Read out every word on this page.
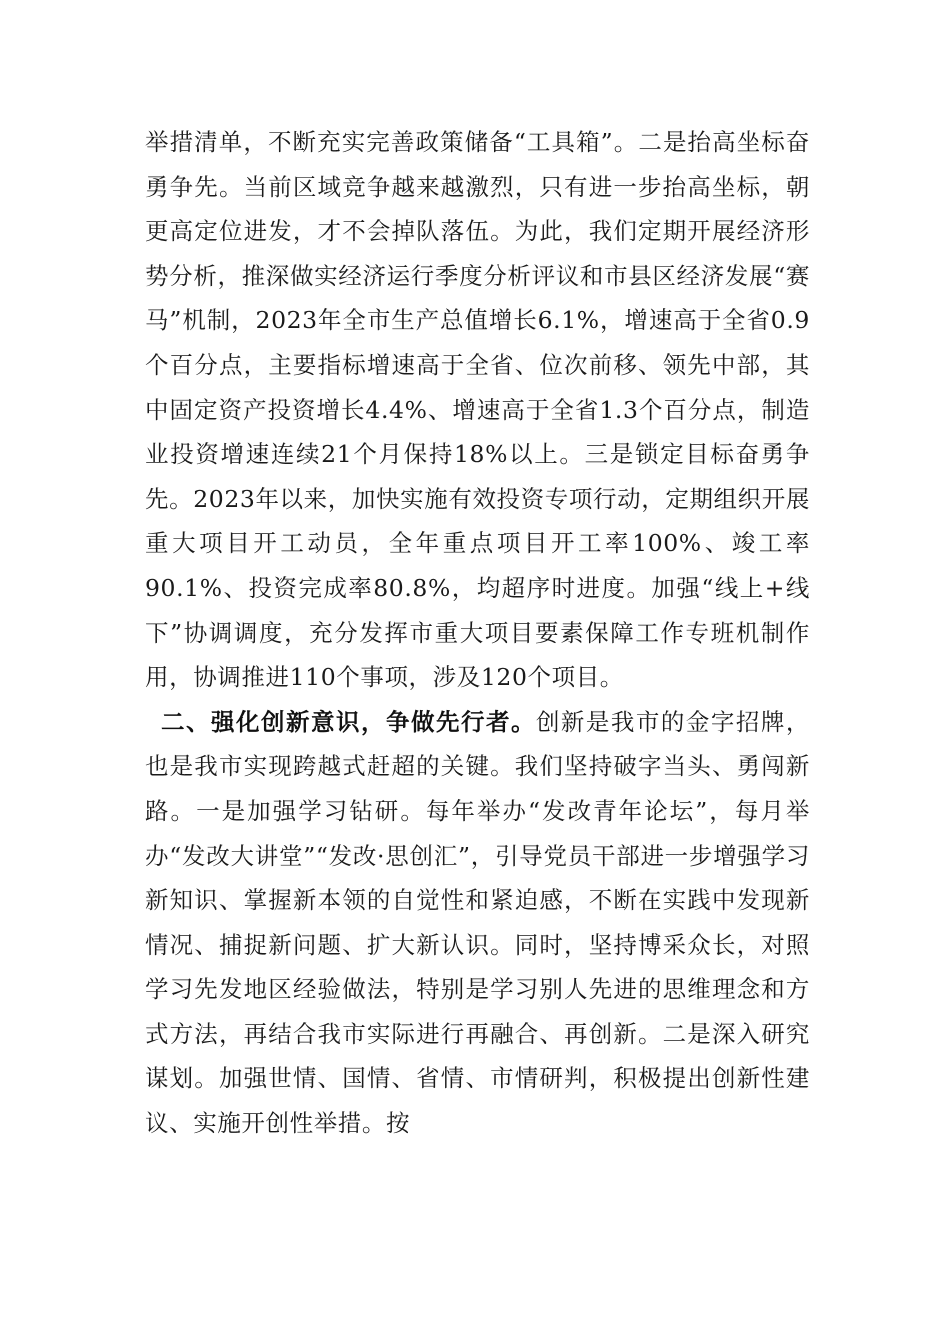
举措清单，不断充实完善政策储备“工具箱”。二是抬高坐标奋勇争先。当前区域竞争越来越激烈，只有进一步抬高坐标，朝更高定位进发，才不会掉队落伍。为此，我们定期开展经济形势分析，推深做实经济运行季度分析评议和市县区经济发展“赛马”机制，2023年全市生产总值增长6.1%，增速高于全省0.9个百分点，主要指标增速高于全省、位次前移、领先中部，其中固定资产投资增长4.4%、增速高于全省1.3个百分点，制造业投资增速连续21个月保持18%以上。三是锁定目标奋勇争先。2023年以来，加快实施有效投资专项行动，定期组织开展重大项目开工动员，全年重点项目开工率100%、竣工率90.1%、投资完成率80.8%，均超序时进度。加强“线上+线下”协调调度，充分发挥市重大项目要素保障工作专班机制作用，协调推进110个事项，涉及120个项目。

二、强化创新意识，争做先行者。创新是我市的金字招牌，也是我市实现跨越式赶超的关键。我们坚持破字当头、勇闯新路。一是加强学习钻研。每年举办“发改青年论坛”，每月举办“发改大讲堂”“发改·思创汇”，引导党员干部进一步增强学习新知识、掌握新本领的自觉性和紧迫感，不断在实践中发现新情况、捕捉新问题、扩大新认识。同时，坚持博采众长，对照学习先发地区经验做法，特别是学习别人先进的思维理念和方式方法，再结合我市实际进行再融合、再创新。二是深入研究谋划。加强世情、国情、省情、市情研判，积极提出创新性建议、实施开创性举措。按
